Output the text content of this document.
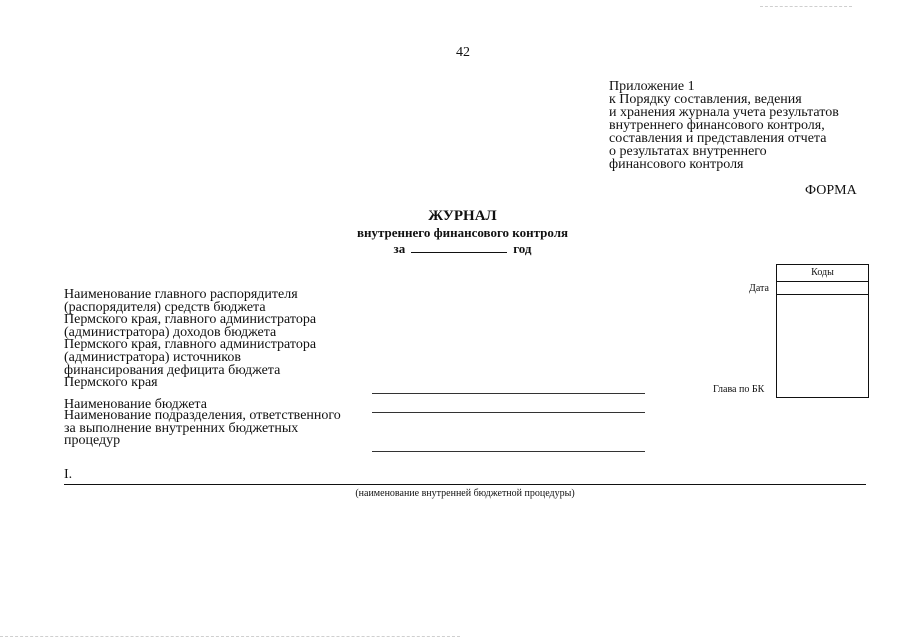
42
Приложение 1
к Порядку составления, ведения
и хранения журнала учета результатов
внутреннего финансового контроля,
составления и представления отчета
о результатах внутреннего
финансового контроля
ФОРМА
ЖУРНАЛ
внутреннего финансового контроля
за	год
Коды
Дата
Глава по БК
Наименование главного распорядителя
(распорядителя) средств бюджета
Пермского края, главного администратора
(администратора) доходов бюджета
Пермского края, главного администратора
(администратора) источников
финансирования дефицита бюджета
Пермского края
Наименование бюджета
Наименование подразделения, ответственного
за выполнение внутренних бюджетных
процедур
I.
(наименование внутренней бюджетной процедуры)
